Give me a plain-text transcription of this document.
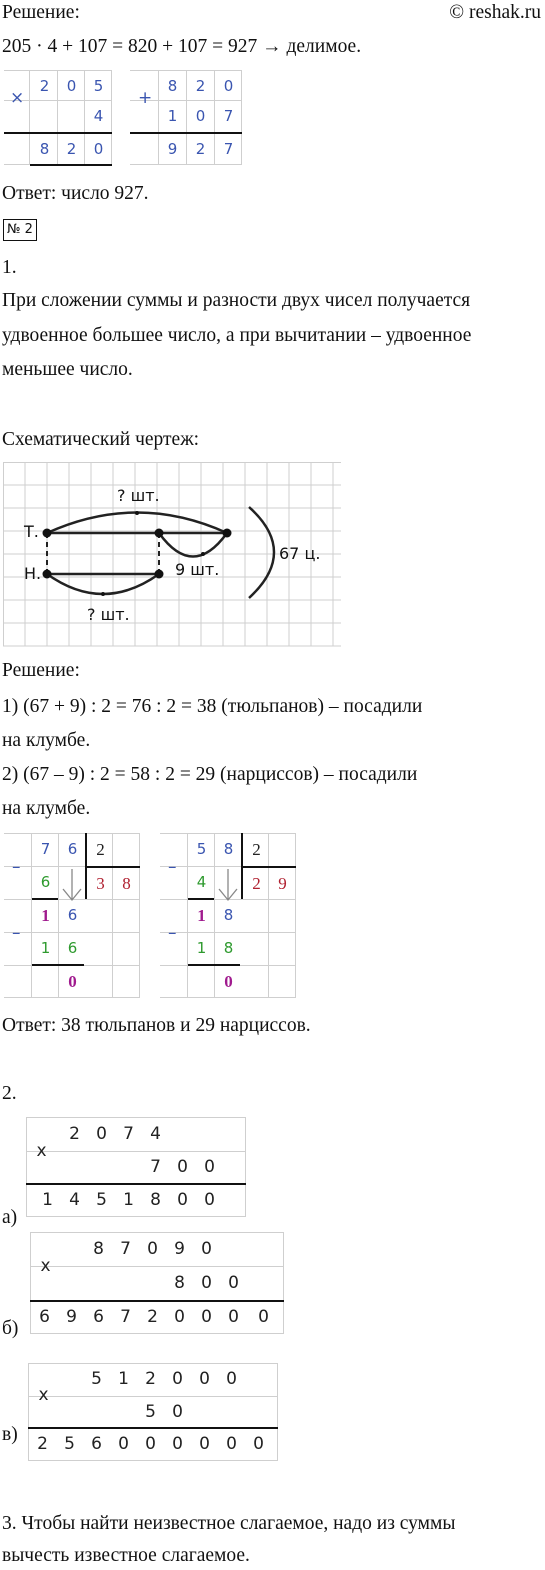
Решение:	© reshak.ru
205 · 4 + 107 = 820 + 107 = 927 → делимое.
×
2	0	5
4
8	2	0
+
8	2	0
1	0	7
9	2	7
Ответ: число 927.
№ 2
1.
При сложении суммы и разности двух чисел получается
удвоенное большее число, а при вычитании – удвоенное
меньшее число.
Схематический чертеж:
Т.
Н.
? шт.
? шт.
9 шт.
67 ц.
Решение:
1) (67 + 9) : 2 = 76 : 2 = 38 (тюльпанов) – посадили
на клумбе.
2) (67 – 9) : 2 = 58 : 2 = 29 (нарциссов) – посадили
на клумбе.
–
–
7	6	2
6	3	8
1	6
1	6
0
–
–
5	8	2
4	2	9
1	8
1	8
0
Ответ: 38 тюльпанов и 29 нарциссов.
2.
а)
x
2 0 7 4
7 0 0
1 4 5 1 8 0 0
б)
x
8 7 0 9 0
8 0 0
6 9 6 7 2 0 0 0	0
в)
x
5 1 2 0 0 0
5 0
2 5 6 0 0 0 0 0 0
3. Чтобы найти неизвестное слагаемое, надо из суммы
вычесть известное слагаемое.
